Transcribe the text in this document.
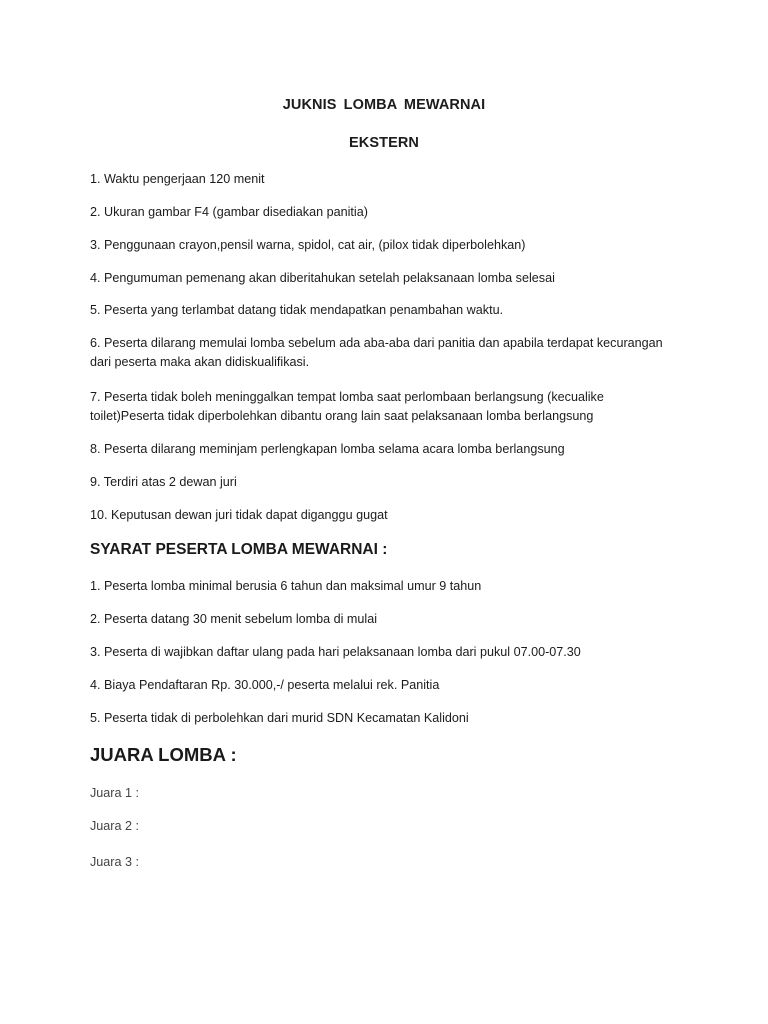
JUKNIS LOMBA MEWARNAI
EKSTERN
1. Waktu pengerjaan 120 menit
2. Ukuran gambar F4 (gambar disediakan panitia)
3. Penggunaan crayon,pensil warna, spidol, cat air, (pilox tidak diperbolehkan)
4. Pengumuman pemenang akan diberitahukan setelah pelaksanaan lomba selesai
5. Peserta yang terlambat datang tidak mendapatkan penambahan waktu.
6. Peserta dilarang memulai lomba sebelum ada aba-aba dari panitia dan apabila terdapat kecurangan dari peserta maka akan didiskualifikasi.
7. Peserta tidak boleh meninggalkan tempat lomba saat perlombaan berlangsung (kecualike toilet)Peserta tidak diperbolehkan dibantu orang lain saat pelaksanaan lomba berlangsung
8. Peserta dilarang meminjam perlengkapan lomba selama acara lomba berlangsung
9. Terdiri atas 2 dewan juri
10. Keputusan dewan juri tidak dapat diganggu gugat
SYARAT PESERTA LOMBA MEWARNAI :
1. Peserta lomba minimal berusia 6 tahun dan maksimal umur 9 tahun
2. Peserta datang 30 menit sebelum lomba di mulai
3. Peserta di wajibkan daftar ulang pada hari pelaksanaan lomba dari pukul 07.00-07.30
4. Biaya Pendaftaran Rp. 30.000,-/ peserta melalui rek. Panitia
5. Peserta tidak di perbolehkan dari murid SDN Kecamatan Kalidoni
JUARA LOMBA :
Juara 1 :
Juara 2 :
Juara 3 :
